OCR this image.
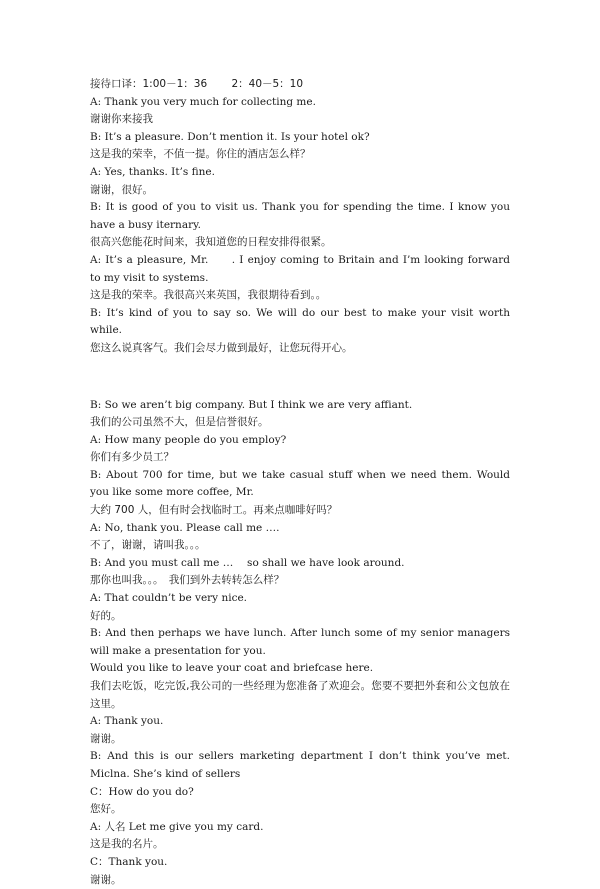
接待口译：1:00－1：36　　 2：40－5：10

A: Thank you very much for collecting me.

谢谢你来接我

B: It’s a pleasure. Don’t mention it. Is your hotel ok?

这是我的荣幸，不值一提。你住的酒店怎么样？

A: Yes, thanks. It’s fine.

谢谢，很好。

B: It is good of you to visit us. Thank you for spending the time. I know you have a busy iternary.

很高兴您能花时间来，我知道您的日程安排得很紧。

A: It’s a pleasure, Mr.　　. I enjoy coming to Britain and I’m looking forward to my visit to systems.

这是我的荣幸。我很高兴来英国，我很期待看到。。

B: It’s kind of you to say so. We will do our best to make your visit worth while.

您这么说真客气。我们会尽力做到最好，让您玩得开心。

B: So we aren’t big company. But I think we are very affiant.

我们的公司虽然不大，但是信誉很好。

A: How many people do you employ?

你们有多少员工？

B: About 700 for time, but we take casual stuff when we need them. Would you like some more coffee, Mr.

大约 700 人，但有时会找临时工。再来点咖啡好吗？

A: No, thank you. Please call me ….

不了，谢谢，请叫我。。。

B: And you must call me …　 so shall we have look around.

那你也叫我。。。　我们到外去转转怎么样？

A: That couldn’t be very nice.

好的。

B: And then perhaps we have lunch. After lunch some of my senior managers will make a presentation for you.

Would you like to leave your coat and briefcase here.

我们去吃饭，吃完饭,我公司的一些经理为您准备了欢迎会。您要不要把外套和公文包放在这里。

A: Thank you.

谢谢。

B: And this is our sellers marketing department I don’t think you’ve met. Miclna. She’s kind of sellers

C：How do you do?

您好。

A: 人名 Let me give you my card.

这是我的名片。

C：Thank you.

谢谢。
